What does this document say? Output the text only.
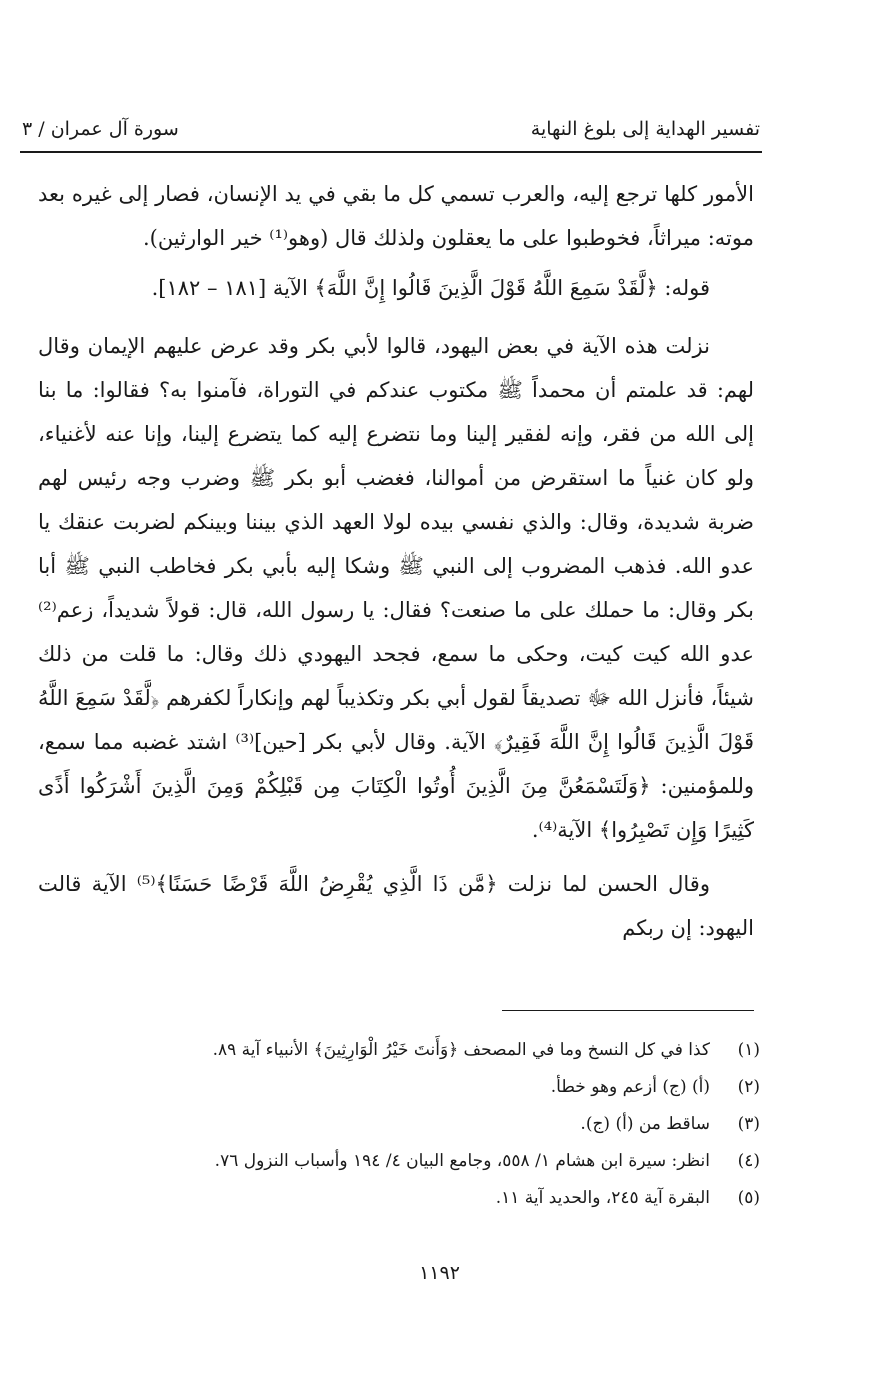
تفسير الهداية إلى بلوغ النهاية
سورة آل عمران / ٣

الأمور كلها ترجع إليه، والعرب تسمي كل ما بقي في يد الإنسان، فصار إلى غيره بعد موته: ميراثاً، فخوطبوا على ما يعقلون ولذلك قال (وهو⁽¹⁾ خير الوارثين).

قوله: ﴿لَّقَدْ سَمِعَ اللَّهُ قَوْلَ الَّذِينَ قَالُوا إِنَّ اللَّهَ﴾ الآية [١٨١ – ١٨٢].

نزلت هذه الآية في بعض اليهود، قالوا لأبي بكر وقد عرض عليهم الإيمان وقال لهم: قد علمتم أن محمداً ﷺ مكتوب عندكم في التوراة، فآمنوا به؟ فقالوا: ما بنا إلى الله من فقر، وإنه لفقير إلينا وما نتضرع إليه كما يتضرع إلينا، وإنا عنه لأغنياء، ولو كان غنياً ما استقرض من أموالنا، فغضب أبو بكر ﷺ وضرب وجه رئيس لهم ضربة شديدة، وقال: والذي نفسي بيده لولا العهد الذي بيننا وبينكم لضربت عنقك يا عدو الله. فذهب المضروب إلى النبي ﷺ وشكا إليه بأبي بكر فخاطب النبي ﷺ أبا بكر وقال: ما حملك على ما صنعت؟ فقال: يا رسول الله، قال: قولاً شديداً، زعم⁽²⁾ عدو الله كيت كيت، وحكى ما سمع، فجحد اليهودي ذلك وقال: ما قلت من ذلك شيئاً، فأنزل الله ﷻ تصديقاً لقول أبي بكر وتكذيباً لهم وإنكاراً لكفرهم ﴿لَّقَدْ سَمِعَ اللَّهُ قَوْلَ الَّذِينَ قَالُوا إِنَّ اللَّهَ فَقِيرٌ﴾ الآية. وقال لأبي بكر [حين]⁽³⁾ اشتد غضبه مما سمع، وللمؤمنين: ﴿وَلَتَسْمَعُنَّ مِنَ الَّذِينَ أُوتُوا الْكِتَابَ مِن قَبْلِكُمْ وَمِنَ الَّذِينَ أَشْرَكُوا أَذًى كَثِيرًا وَإِن تَصْبِرُوا﴾ الآية⁽⁴⁾.

وقال الحسن لما نزلت ﴿مَّن ذَا الَّذِي يُقْرِضُ اللَّهَ قَرْضًا حَسَنًا﴾⁽⁵⁾ الآية قالت اليهود: إن ربكم

(١)
كذا في كل النسخ وما في المصحف ﴿وَأَنتَ خَيْرُ الْوَارِثِينَ﴾ الأنبياء آية ٨٩.
(٢)
(أ) (ج) أزعم وهو خطأ.
(٣)
ساقط من (أ) (ج).
(٤)
انظر: سيرة ابن هشام ١/ ٥٥٨، وجامع البيان ٤/ ١٩٤ وأسباب النزول ٧٦.
(٥)
البقرة آية ٢٤٥، والحديد آية ١١.
١١٩٢
